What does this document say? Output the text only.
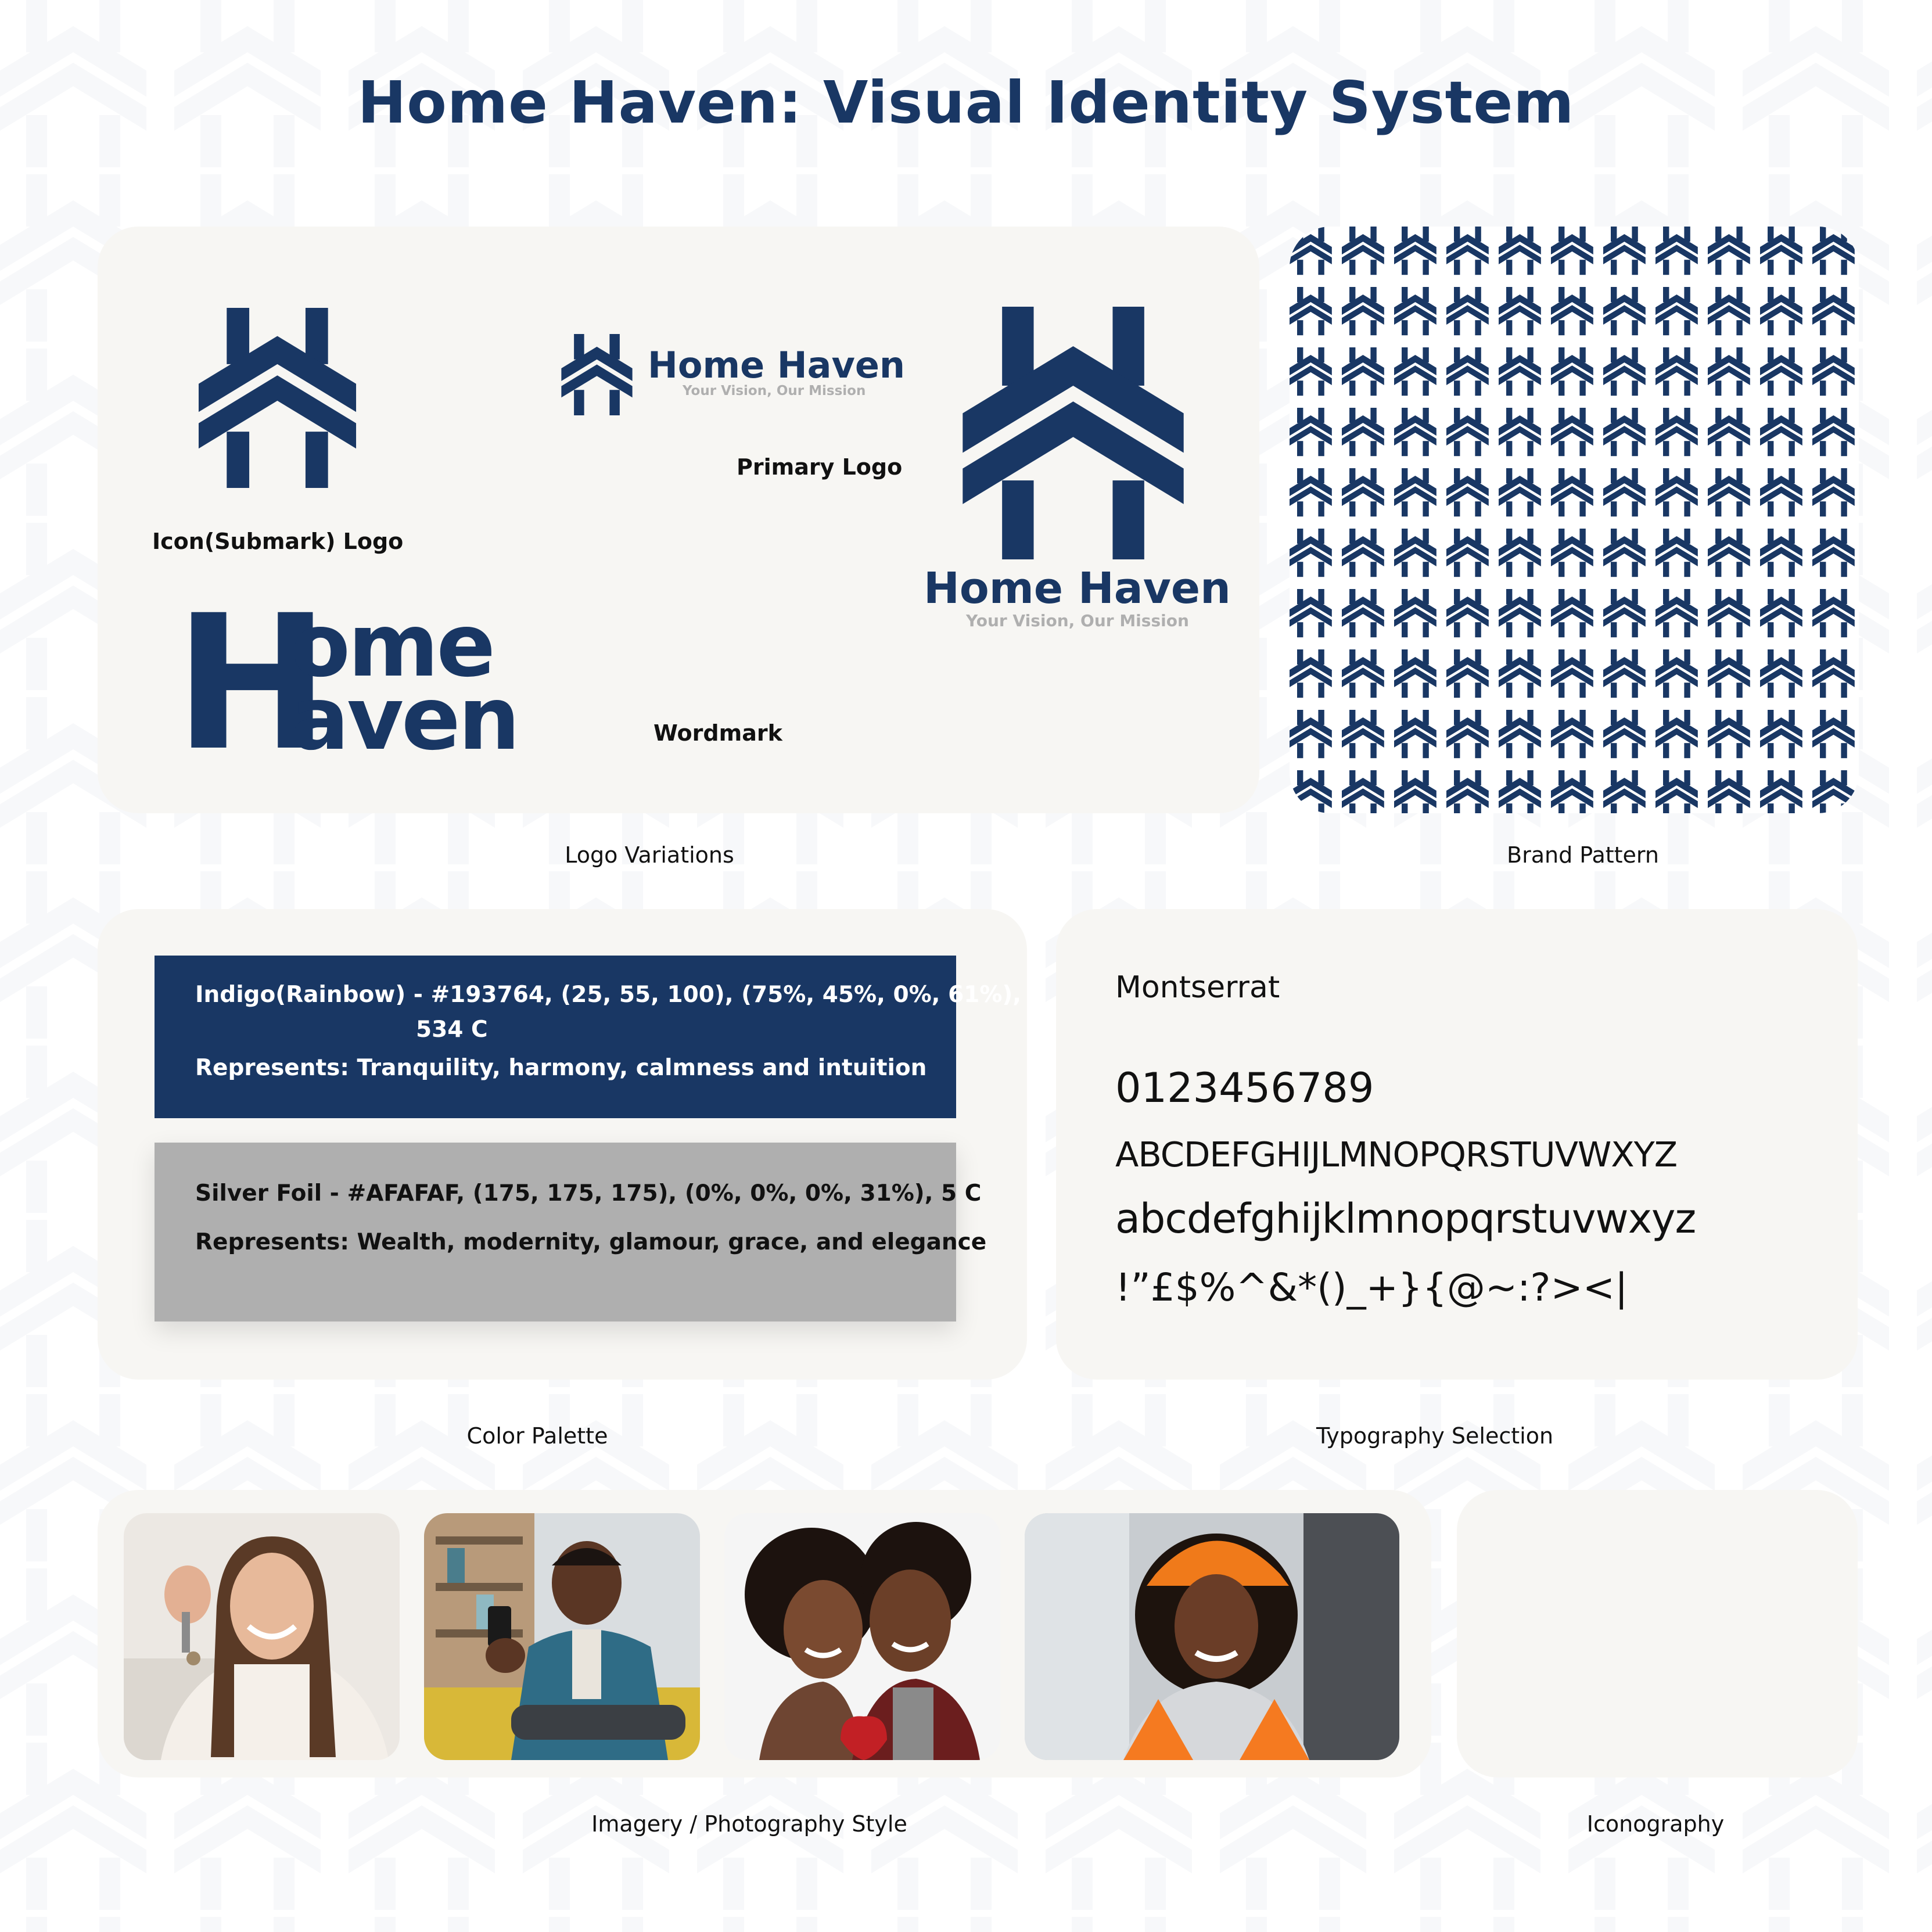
Home Haven: Visual Identity System
Icon(Submark) Logo
Home Haven
Your Vision, Our Mission
Primary Logo
Home Haven
Your Vision, Our Mission
H
ome
aven	Wordmark
Logo Variations	Brand Pattern

Indigo(Rainbow) - #193764, (25, 55, 100), (75%, 45%, 0%, 61%),

534 C

Represents: Tranquility, harmony, calmness and intuition

Silver Foil - #AFAFAF, (175, 175, 175), (0%, 0%, 0%, 31%), 5 C

Represents: Wealth, modernity, glamour, grace, and elegance

Color Palette
Montserrat
0123456789
ABCDEFGHIJLMNOPQRSTUVWXYZ
abcdefghijklmnopqrstuvwxyz
!”£$%^&*()_+}{@~:?><|
Typography Selection
Imagery / Photography Style	Iconography
